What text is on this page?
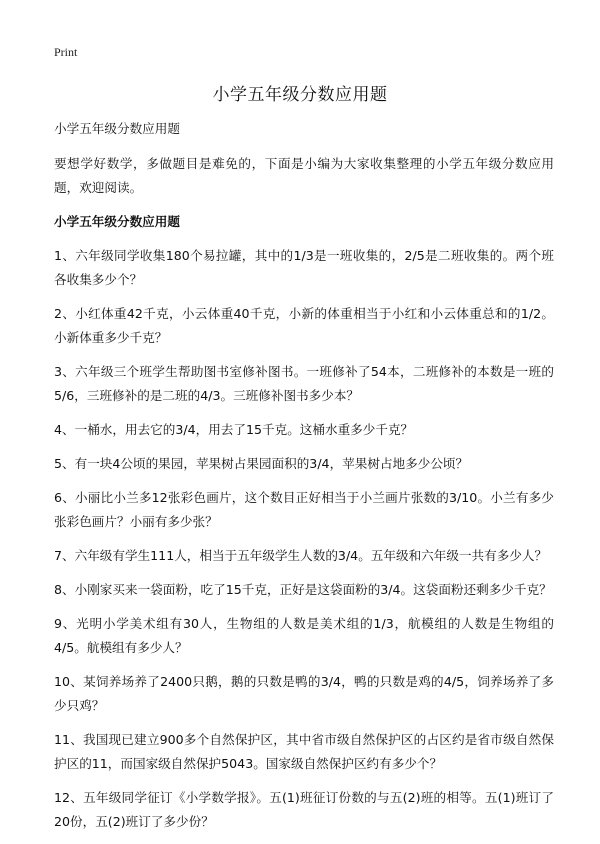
Print
小学五年级分数应用题

小学五年级分数应用题

要想学好数学，多做题目是难免的，下面是小编为大家收集整理的小学五年级分数应用题，欢迎阅读。

小学五年级分数应用题

1、六年级同学收集180个易拉罐，其中的1/3是一班收集的，2/5是二班收集的。两个班各收集多少个？

2、小红体重42千克，小云体重40千克，小新的体重相当于小红和小云体重总和的1/2。小新体重多少千克？

3、六年级三个班学生帮助图书室修补图书。一班修补了54本，二班修补的本数是一班的5/6，三班修补的是二班的4/3。三班修补图书多少本？

4、一桶水，用去它的3/4，用去了15千克。这桶水重多少千克？

5、有一块4公顷的果园，苹果树占果园面积的3/4，苹果树占地多少公顷？

6、小丽比小兰多12张彩色画片，这个数目正好相当于小兰画片张数的3/10。小兰有多少张彩色画片？小丽有多少张？

7、六年级有学生111人，相当于五年级学生人数的3/4。五年级和六年级一共有多少人？

8、小刚家买来一袋面粉，吃了15千克，正好是这袋面粉的3/4。这袋面粉还剩多少千克？

9、光明小学美术组有30人，生物组的人数是美术组的1/3，航模组的人数是生物组的4/5。航模组有多少人？

10、某饲养场养了2400只鹅，鹅的只数是鸭的3/4，鸭的只数是鸡的4/5，饲养场养了多少只鸡？

11、我国现已建立900多个自然保护区，其中省市级自然保护区的占区约是省市级自然保护区的11，而国家级自然保护5043。国家级自然保护区约有多少个？

12、五年级同学征订《小学数学报》。五(1)班征订份数的与五(2)班的相等。五(1)班订了20份，五(2)班订了多少份？
